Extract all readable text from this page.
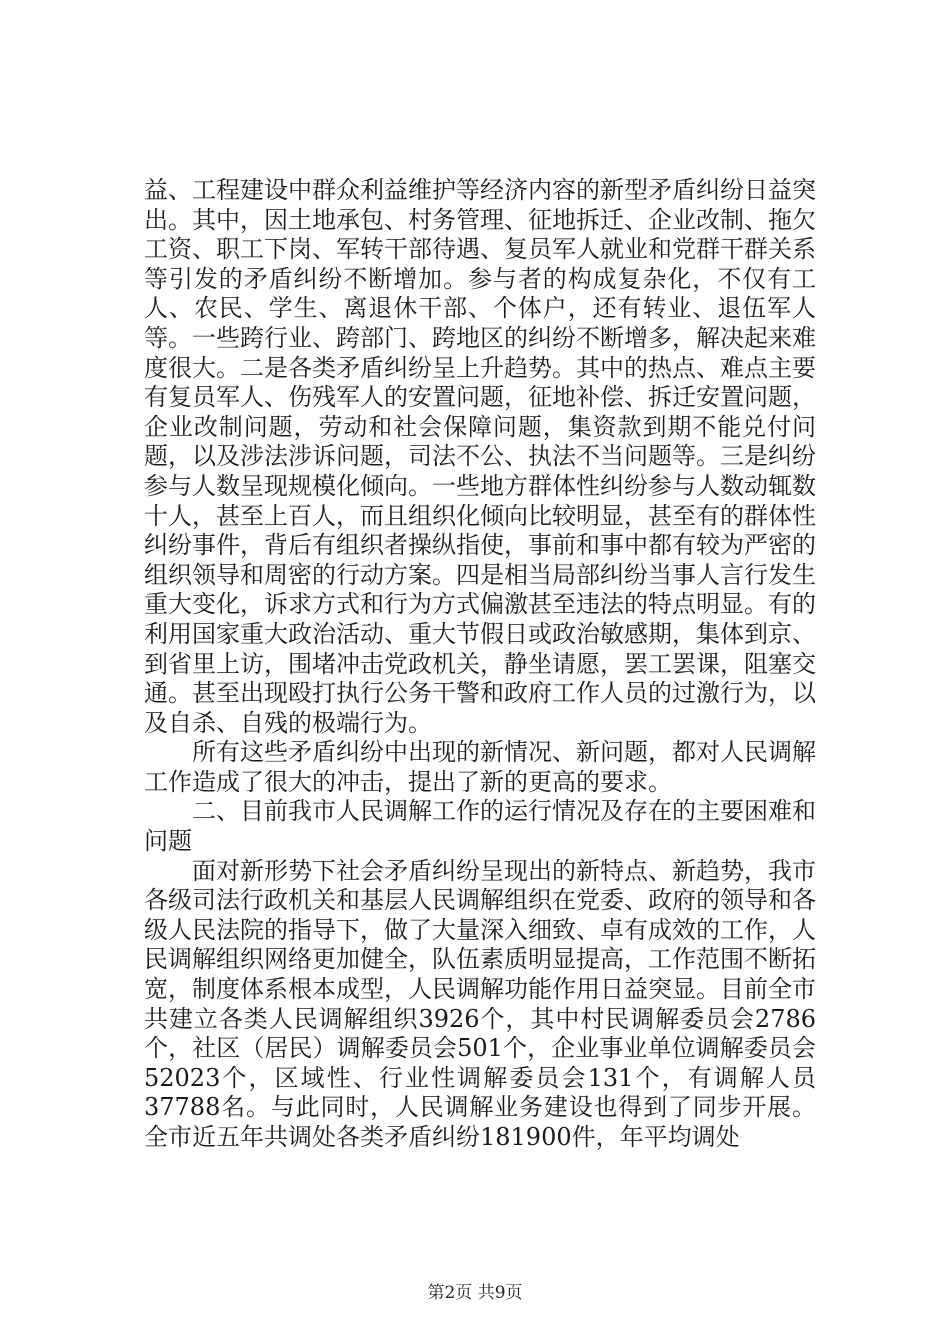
益、工程建设中群众利益维护等经济内容的新型矛盾纠纷日益突出。其中，因土地承包、村务管理、征地拆迁、企业改制、拖欠工资、职工下岗、军转干部待遇、复员军人就业和党群干群关系等引发的矛盾纠纷不断增加。参与者的构成复杂化，不仅有工人、农民、学生、离退休干部、个体户，还有转业、退伍军人等。一些跨行业、跨部门、跨地区的纠纷不断增多，解决起来难度很大。二是各类矛盾纠纷呈上升趋势。其中的热点、难点主要有复员军人、伤残军人的安置问题，征地补偿、拆迁安置问题，企业改制问题，劳动和社会保障问题，集资款到期不能兑付问题，以及涉法涉诉问题，司法不公、执法不当问题等。三是纠纷参与人数呈现规模化倾向。一些地方群体性纠纷参与人数动辄数十人，甚至上百人，而且组织化倾向比较明显，甚至有的群体性纠纷事件，背后有组织者操纵指使，事前和事中都有较为严密的组织领导和周密的行动方案。四是相当局部纠纷当事人言行发生重大变化，诉求方式和行为方式偏激甚至违法的特点明显。有的利用国家重大政治活动、重大节假日或政治敏感期，集体到京、到省里上访，围堵冲击党政机关，静坐请愿，罢工罢课，阻塞交通。甚至出现殴打执行公务干警和政府工作人员的过激行为，以及自杀、自残的极端行为。

所有这些矛盾纠纷中出现的新情况、新问题，都对人民调解工作造成了很大的冲击，提出了新的更高的要求。

二、目前我市人民调解工作的运行情况及存在的主要困难和问题

面对新形势下社会矛盾纠纷呈现出的新特点、新趋势，我市各级司法行政机关和基层人民调解组织在党委、政府的领导和各级人民法院的指导下，做了大量深入细致、卓有成效的工作，人民调解组织网络更加健全，队伍素质明显提高，工作范围不断拓宽，制度体系根本成型，人民调解功能作用日益突显。目前全市共建立各类人民调解组织3926个，其中村民调解委员会2786个，社区（居民）调解委员会501个，企业事业单位调解委员会52023个，区域性、行业性调解委员会131个，有调解人员37788名。与此同时，人民调解业务建设也得到了同步开展。全市近五年共调处各类矛盾纠纷181900件，年平均调处

第2页 共9页
